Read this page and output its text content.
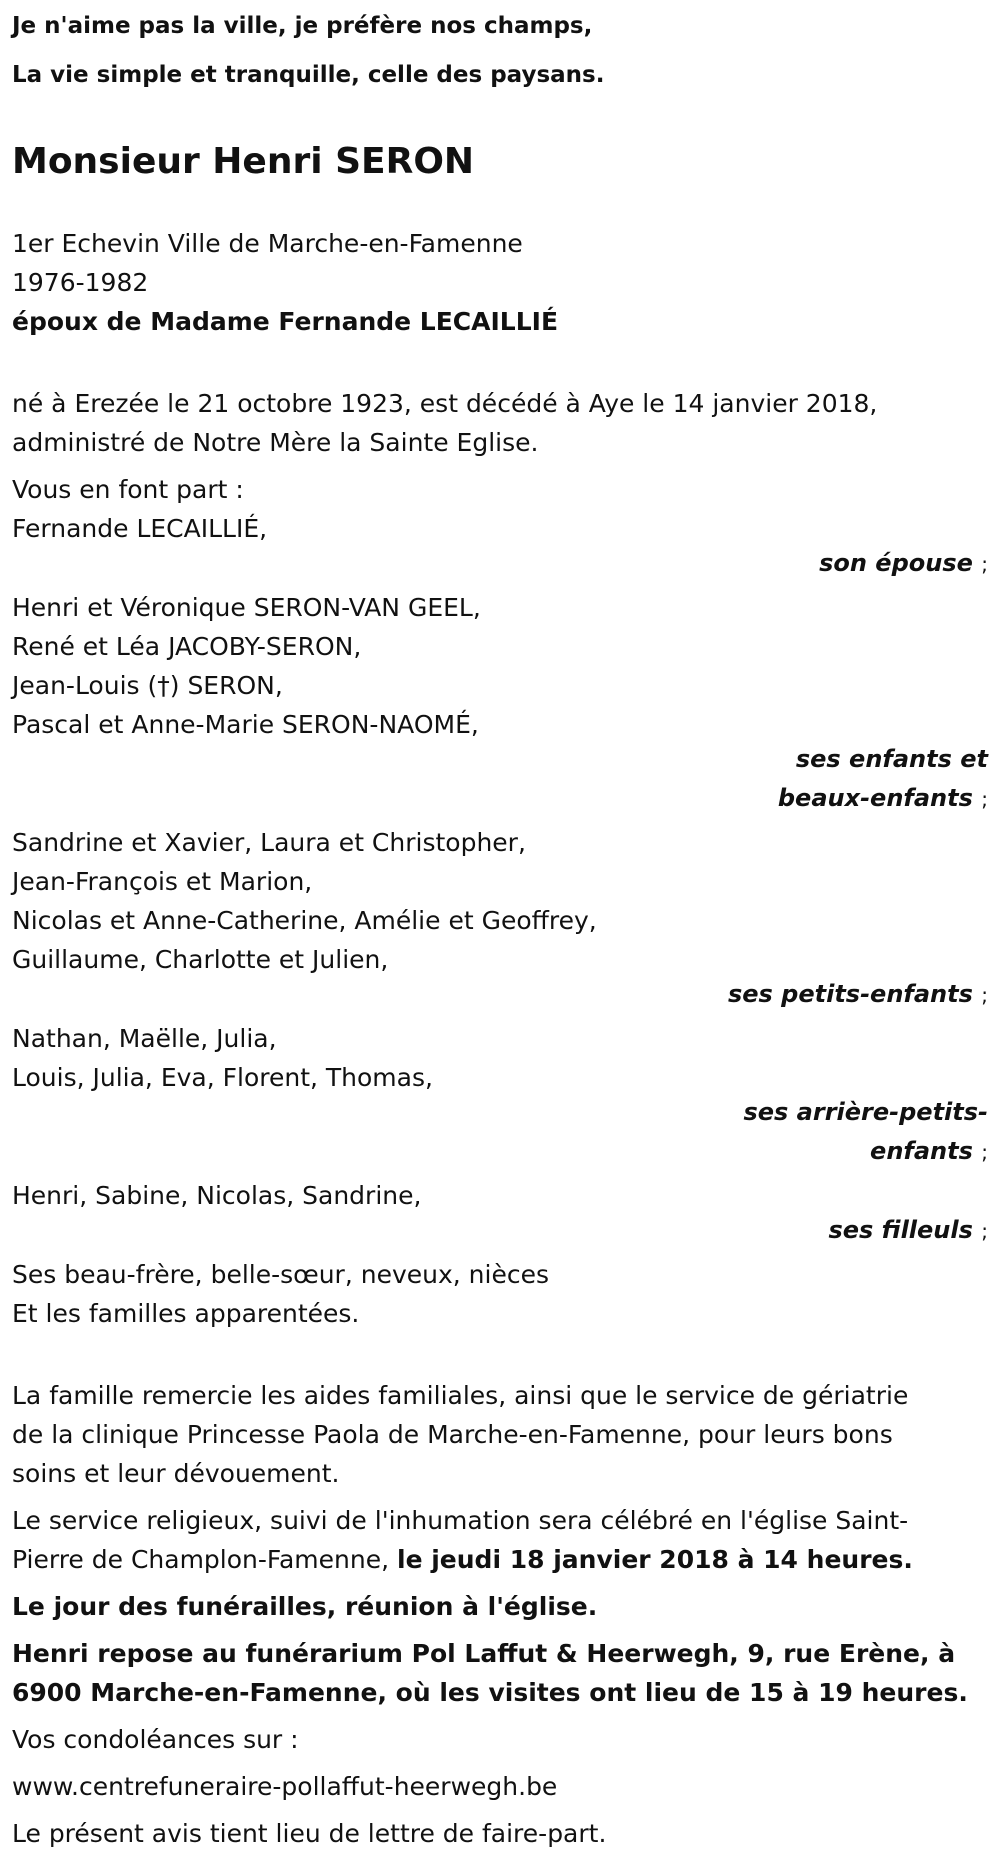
Je n'aime pas la ville, je préfère nos champs,

La vie simple et tranquille, celle des paysans.

Monsieur Henri SERON

1er Echevin Ville de Marche-en-Famenne

1976-1982

époux de Madame Fernande LECAILLIÉ

né à Erezée le 21 octobre 1923, est décédé à Aye le 14 janvier 2018,

administré de Notre Mère la Sainte Eglise.

Vous en font part :

Fernande LECAILLIÉ,

son épouse ;

Henri et Véronique SERON-VAN GEEL,

René et Léa JACOBY-SERON,

Jean-Louis (†) SERON,

Pascal et Anne-Marie SERON-NAOMÉ,

ses enfants et
beaux-enfants ;

Sandrine et Xavier, Laura et Christopher,

Jean-François et Marion,

Nicolas et Anne-Catherine, Amélie et Geoffrey,

Guillaume, Charlotte et Julien,

ses petits-enfants ;

Nathan, Maëlle, Julia,

Louis, Julia, Eva, Florent, Thomas,

ses arrière-petits-
enfants ;

Henri, Sabine, Nicolas, Sandrine,

ses filleuls ;

Ses beau-frère, belle-sœur, neveux, nièces

Et les familles apparentées.

La famille remercie les aides familiales, ainsi que le service de gériatrie

de la clinique Princesse Paola de Marche-en-Famenne, pour leurs bons

soins et leur dévouement.

Le service religieux, suivi de l'inhumation sera célébré en l'église Saint-

Pierre de Champlon-Famenne, le jeudi 18 janvier 2018 à 14 heures.

Le jour des funérailles, réunion à l'église.

Henri repose au funérarium Pol Laffut & Heerwegh, 9, rue Erène, à

6900 Marche-en-Famenne, où les visites ont lieu de 15 à 19 heures.

Vos condoléances sur :

www.centrefuneraire-pollaffut-heerwegh.be

Le présent avis tient lieu de lettre de faire-part.
